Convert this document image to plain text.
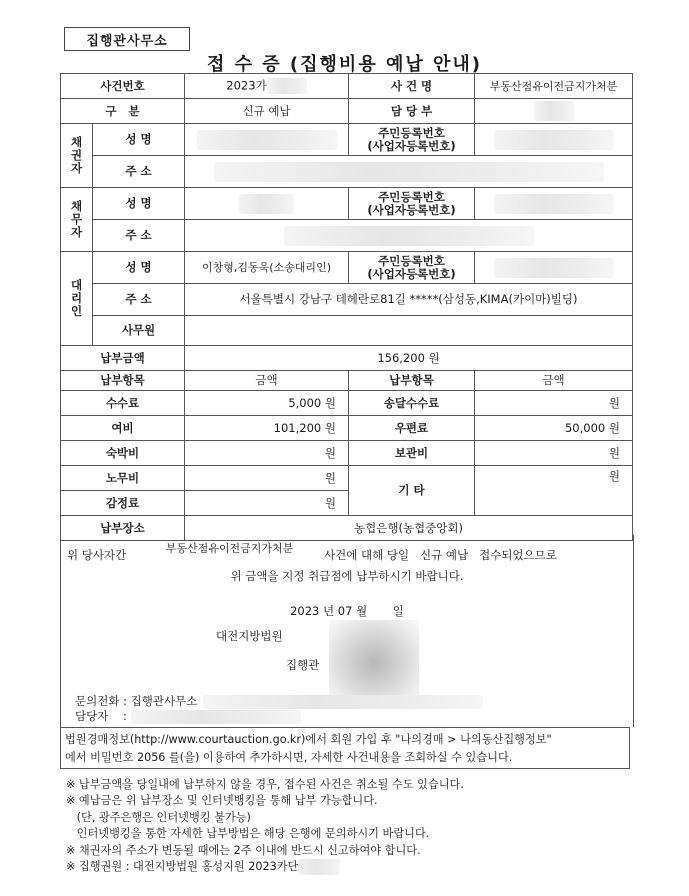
집행관사무소
접 수 증 (집행비용 예납 안내)
사건번호		2023가	사 건 명	부동산점유이전금지가처분
구   분		신규 예납	담 당 부	
채권자	성 명		주민등록번호
(사업자등록번호)	

	주 소			
채무자	성 명		주민등록번호
(사업자등록번호)	

	주 소			
대리인	성 명	이창형,김동욱(소송대리인)	주민등록번호
(사업자등록번호)	

	주 소	서울특별시 강남구 테헤란로81길 *****(삼성동,KIMA(카이마)빌딩)		
	사무원			
납부금액		156,200 원		
납부항목		금액	납부항목	금액
수수료		5,000 원	송달수수료	원
여비		101,200 원	우편료	50,000 원
숙박비		원	보관비	원
노무비		원	기 타	원
감정료		원		
납부장소		농협은행(농협중앙회)		
위 당사자간	부동산점유이전금지가처분	사건에 대해 당일   신규 예납   접수되었으므로
위 금액을 지정 취급점에 납부하시기 바랍니다.
2023 년 07 월       일
대전지방법원
집행관
문의전화 : 집행관사무소
담당자    :
법원경매정보(http://www.courtauction.go.kr)에서 회원 가입 후 "나의경매 > 나의동산집행정보"
에서 비밀번호 2056 를(을) 이용하여 추가하시면, 자세한 사건내용을 조회하실 수 있습니다.
※ 납부금액을 당일내에 납부하지 않을 경우, 접수된 사건은 취소될 수도 있습니다.
※ 예납금은 위 납부장소 및 인터넷뱅킹을 통해 납부 가능합니다.
(단, 광주은행은 인터넷뱅킹 불가능)
인터넷뱅킹을 통한 자세한 납부방법은 해당 은행에 문의하시기 바랍니다.
※ 채권자의 주소가 변동될 때에는 2주 이내에 반드시 신고하여야 합니다.
※ 집행권원 : 대전지방법원 홍성지원 2023카단
